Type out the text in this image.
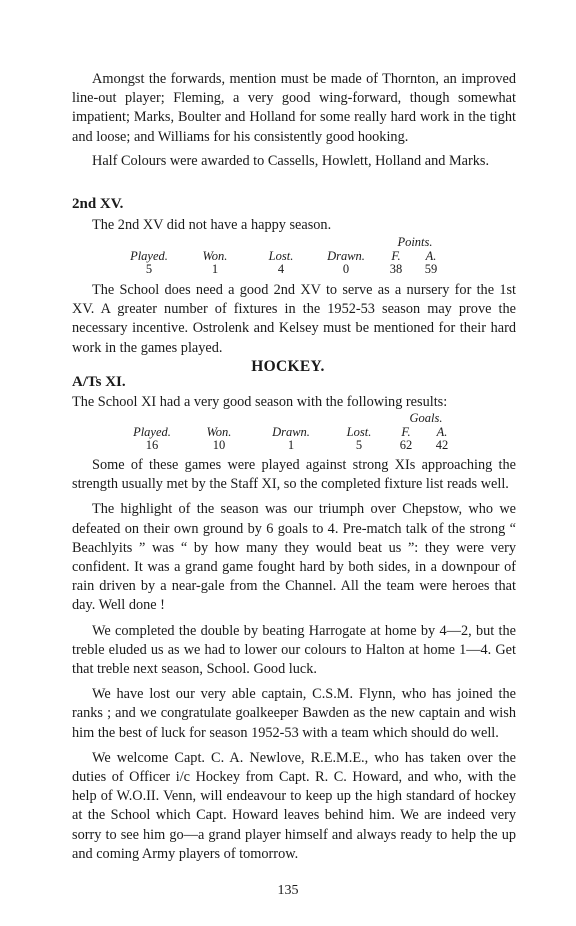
Amongst the forwards, mention must be made of Thornton, an improved line-out player; Fleming, a very good wing-forward, though somewhat impatient; Marks, Boulter and Holland for some really hard work in the tight and loose; and Williams for his consistently good hooking.

Half Colours were awarded to Cassells, Howlett, Holland and Marks.

2nd XV.

The 2nd XV did not have a happy season.

				Points.	
Played.	Won.	Lost.	Drawn.	F.	A.
5	1	4	0	38	59

The School does need a good 2nd XV to serve as a nursery for the 1st XV. A greater number of fixtures in the 1952-53 season may prove the necessary incentive. Ostrolenk and Kelsey must be mentioned for their hard work in the games played.

HOCKEY.
A/Ts XI.

The School XI had a very good season with the following results:

				Goals.	
Played.	Won.	Drawn.	Lost.	F.	A.
16	10	1	5	62	42

Some of these games were played against strong XIs approaching the strength usually met by the Staff XI, so the completed fixture list reads well.

The highlight of the season was our triumph over Chepstow, who we defeated on their own ground by 6 goals to 4. Pre-match talk of the strong “ Beachlyits ” was “ by how many they would beat us ”: they were very confident. It was a grand game fought hard by both sides, in a downpour of rain driven by a near-gale from the Channel. All the team were heroes that day. Well done !

We completed the double by beating Harrogate at home by 4—2, but the treble eluded us as we had to lower our colours to Halton at home 1—4. Get that treble next season, School. Good luck.

We have lost our very able captain, C.S.M. Flynn, who has joined the ranks ; and we congratulate goalkeeper Bawden as the new captain and wish him the best of luck for season 1952-53 with a team which should do well.

We welcome Capt. C. A. Newlove, R.E.M.E., who has taken over the duties of Officer i/c Hockey from Capt. R. C. Howard, and who, with the help of W.O.II. Venn, will endeavour to keep up the high standard of hockey at the School which Capt. Howard leaves behind him. We are indeed very sorry to see him go—a grand player himself and always ready to help the up and coming Army players of tomorrow.

135
